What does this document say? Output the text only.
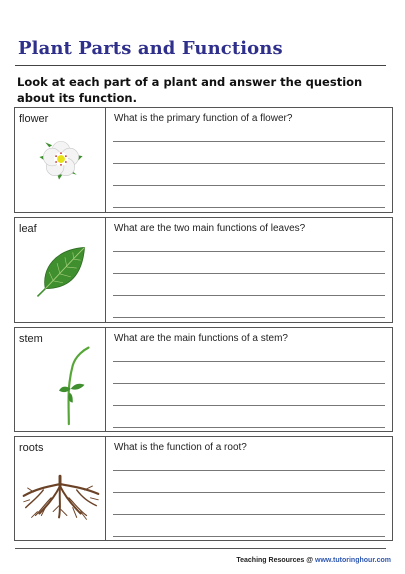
Plant Parts and Functions
Look at each part of a plant and answer the question about its function.
flower	What is the primary function of a flower?
leaf	What are the two main functions of leaves?
stem	What are the main functions of a stem?
roots	What is the function of a root?
Teaching Resources @ www.tutoringhour.com
